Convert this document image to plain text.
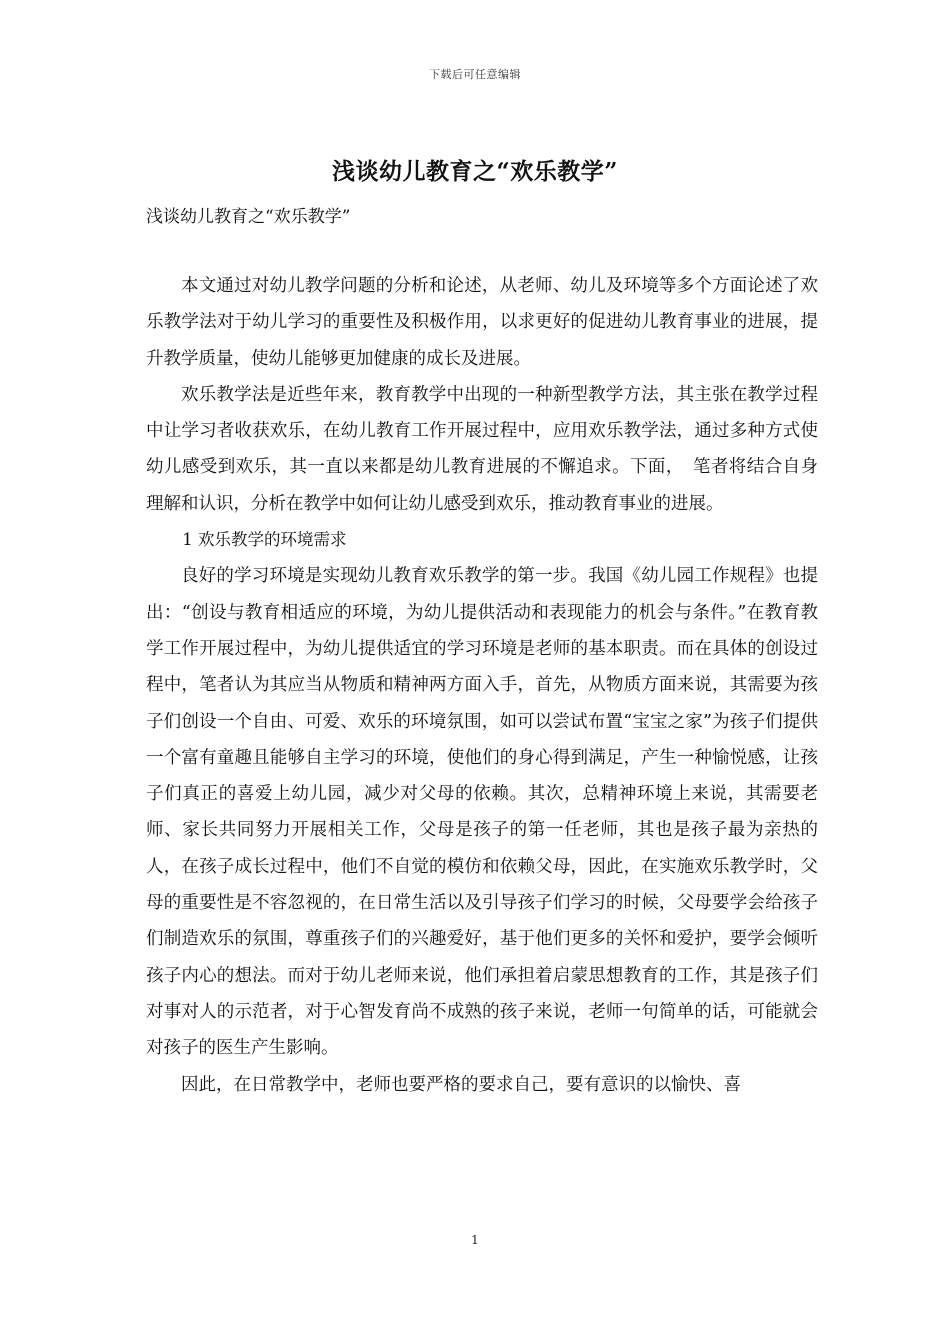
下载后可任意编辑
浅谈幼儿教育之“欢乐教学”
浅谈幼儿教育之“欢乐教学”

本文通过对幼儿教学问题的分析和论述，从老师、幼儿及环境等多个方面论述了欢乐教学法对于幼儿学习的重要性及积极作用，以求更好的促进幼儿教育事业的进展，提升教学质量，使幼儿能够更加健康的成长及进展。

欢乐教学法是近些年来，教育教学中出现的一种新型教学方法，其主张在教学过程中让学习者收获欢乐，在幼儿教育工作开展过程中，应用欢乐教学法，通过多种方式使幼儿感受到欢乐，其一直以来都是幼儿教育进展的不懈追求。下面，　笔者将结合自身理解和认识，分析在教学中如何让幼儿感受到欢乐，推动教育事业的进展。

1 欢乐教学的环境需求

良好的学习环境是实现幼儿教育欢乐教学的第一步。我国《幼儿园工作规程》也提出：“创设与教育相适应的环境，为幼儿提供活动和表现能力的机会与条件。”在教育教学工作开展过程中，为幼儿提供适宜的学习环境是老师的基本职责。而在具体的创设过程中，笔者认为其应当从物质和精神两方面入手，首先，从物质方面来说，其需要为孩子们创设一个自由、可爱、欢乐的环境氛围，如可以尝试布置“宝宝之家”为孩子们提供一个富有童趣且能够自主学习的环境，使他们的身心得到满足，产生一种愉悦感，让孩子们真正的喜爱上幼儿园，减少对父母的依赖。其次，总精神环境上来说，其需要老师、家长共同努力开展相关工作，父母是孩子的第一任老师，其也是孩子最为亲热的人，在孩子成长过程中，他们不自觉的模仿和依赖父母，因此，在实施欢乐教学时，父母的重要性是不容忽视的，在日常生活以及引导孩子们学习的时候，父母要学会给孩子们制造欢乐的氛围，尊重孩子们的兴趣爱好，基于他们更多的关怀和爱护，要学会倾听孩子内心的想法。而对于幼儿老师来说，他们承担着启蒙思想教育的工作，其是孩子们对事对人的示范者，对于心智发育尚不成熟的孩子来说，老师一句简单的话，可能就会对孩子的医生产生影响。

因此，在日常教学中，老师也要严格的要求自己，要有意识的以愉快、喜

1
